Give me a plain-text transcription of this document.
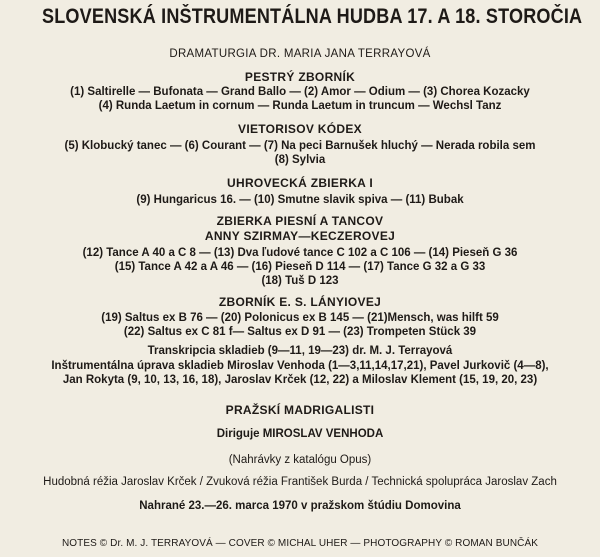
SLOVENSKÁ INŠTRUMENTÁLNA HUDBA 17. A 18. STOROČIA
DRAMATURGIA DR. MARIA JANA TERRAYOVÁ
PESTRÝ ZBORNÍK
(1) Saltirelle — Bufonata — Grand Ballo — (2) Amor — Odium — (3) Chorea Kozacky
(4) Runda Laetum in cornum — Runda Laetum in truncum — Wechsl Tanz
VIETORISOV KÓDEX
(5) Klobucký tanec — (6) Courant — (7) Na peci Barnušek hluchý — Nerada robila sem
(8) Sylvia
UHROVECKÁ ZBIERKA I
(9) Hungaricus 16. — (10) Smutne slavik spiva — (11) Bubak
ZBIERKA PIESNÍ A TANCOV
ANNY SZIRMAY—KECZEROVEJ
(12) Tance A 40 a C 8 — (13) Dva ľudové tance C 102 a C 106 — (14) Pieseň G 36
(15) Tance A 42 a A 46 — (16) Pieseň D 114 — (17) Tance G 32 a G 33
(18) Tuš D 123
ZBORNÍK E. S. LÁNYIOVEJ
(19) Saltus ex B 76 — (20) Polonicus ex B 145 — (21)Mensch, was hilft 59
(22) Saltus ex C 81 f— Saltus ex D 91 — (23) Trompeten Stück 39
Transkripcia skladieb (9—11, 19—23) dr. M. J. Terrayová
Inštrumentálna úprava skladieb Miroslav Venhoda (1—3,11,14,17,21), Pavel Jurkovič (4—8),
Jan Rokyta (9, 10, 13, 16, 18), Jaroslav Krček (12, 22) a Miloslav Klement (15, 19, 20, 23)
PRAŽSKÍ MADRIGALISTI
Diriguje MIROSLAV VENHODA
(Nahrávky z katalógu Opus)
Hudobná réžia Jaroslav Krček / Zvuková réžia František Burda / Technická spolupráca Jaroslav Zach
Nahrané 23.—26. marca 1970 v pražskom štúdiu Domovina
NOTES © Dr. M. J. TERRAYOVÁ — COVER © MICHAL UHER — PHOTOGRAPHY © ROMAN BUNČÁK
